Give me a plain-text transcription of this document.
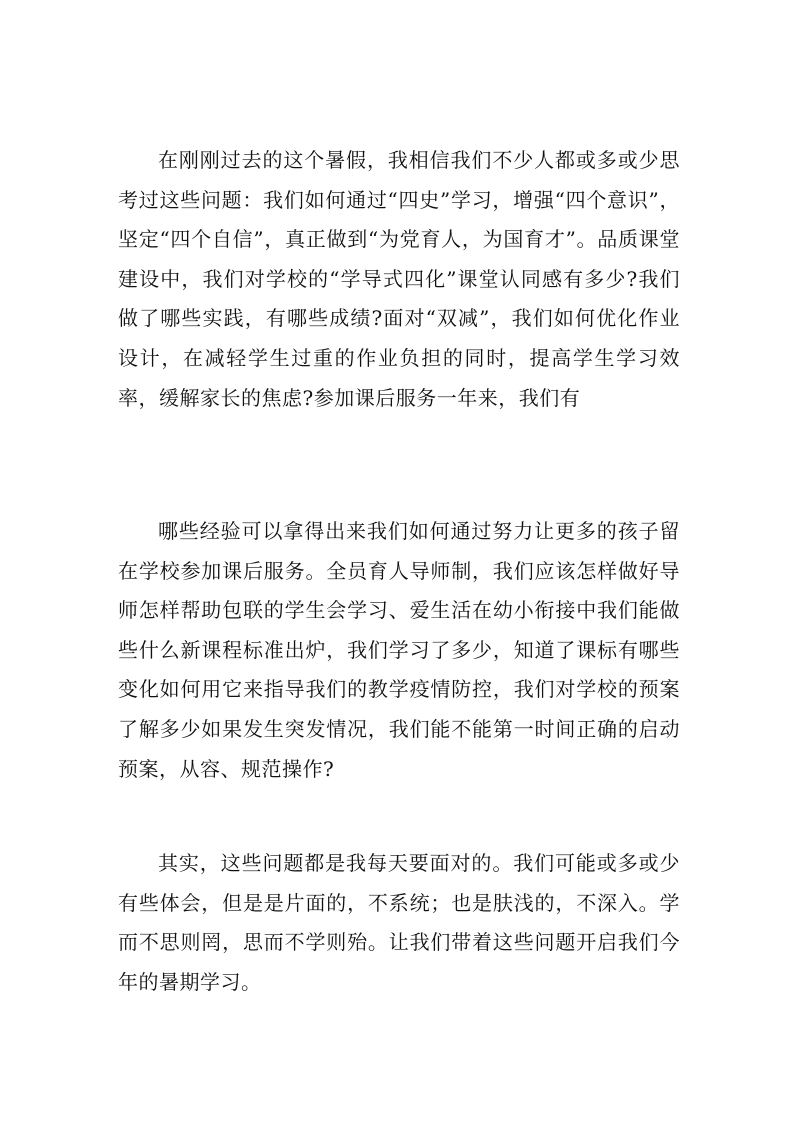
在刚刚过去的这个暑假，我相信我们不少人都或多或少思考过这些问题：我们如何通过“四史”学习，增强“四个意识”，坚定“四个自信”，真正做到“为党育人，为国育才”。品质课堂建设中，我们对学校的“学导式四化”课堂认同感有多少?我们做了哪些实践，有哪些成绩?面对“双减”，我们如何优化作业设计，在减轻学生过重的作业负担的同时，提高学生学习效率，缓解家长的焦虑?参加课后服务一年来，我们有

哪些经验可以拿得出来我们如何通过努力让更多的孩子留在学校参加课后服务。全员育人导师制，我们应该怎样做好导师怎样帮助包联的学生会学习、爱生活在幼小衔接中我们能做些什么新课程标准出炉，我们学习了多少，知道了课标有哪些变化如何用它来指导我们的教学疫情防控，我们对学校的预案了解多少如果发生突发情况，我们能不能第一时间正确的启动预案，从容、规范操作?

其实，这些问题都是我每天要面对的。我们可能或多或少有些体会，但是是片面的，不系统；也是肤浅的，不深入。学而不思则罔，思而不学则殆。让我们带着这些问题开启我们今年的暑期学习。
